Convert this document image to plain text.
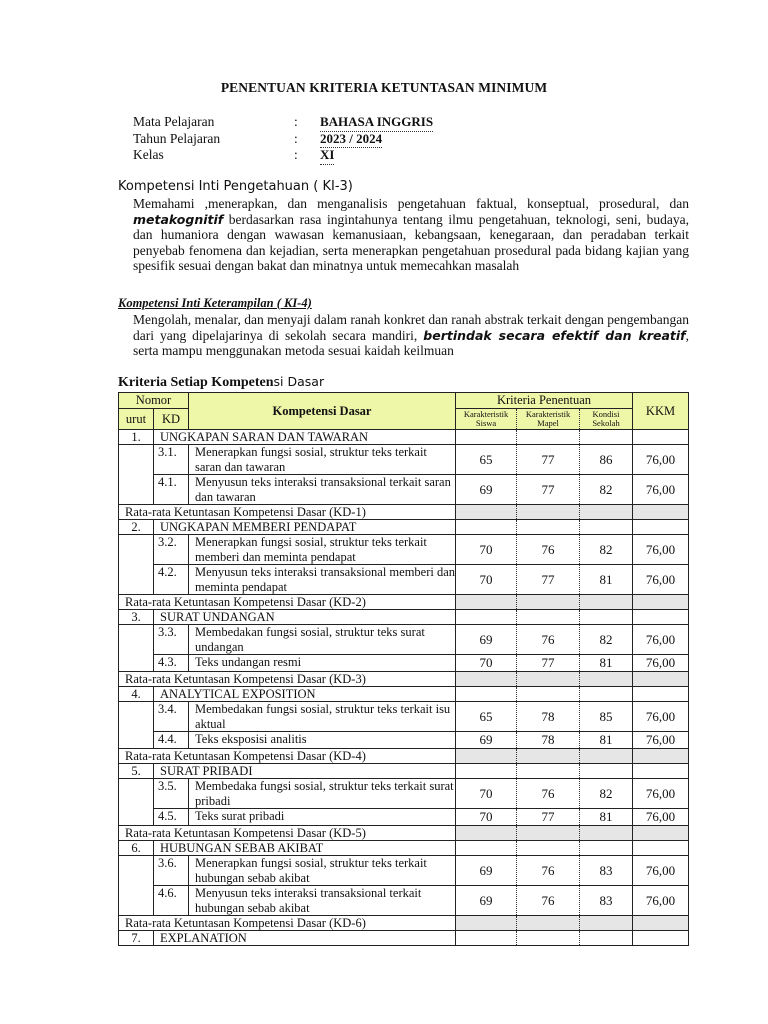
PENENTUAN KRITERIA KETUNTASAN MINIMUM
Mata Pelajaran	: BAHASA INGGRIS
Tahun Pelajaran	: 2023 / 2024
Kelas	: XI
Kompetensi Inti Pengetahuan ( KI-3)
Memahami ,menerapkan, dan menganalisis pengetahuan faktual, konseptual, prosedural, dan metakognitif berdasarkan rasa ingintahunya tentang ilmu pengetahuan, teknologi, seni, budaya, dan humaniora dengan wawasan kemanusiaan, kebangsaan, kenegaraan, dan peradaban terkait penyebab fenomena dan kejadian, serta menerapkan pengetahuan prosedural pada bidang kajian yang spesifik sesuai dengan bakat dan minatnya untuk memecahkan masalah
Kompetensi Inti Keterampilan ( KI-4)
Mengolah, menalar, dan menyaji dalam ranah konkret dan ranah abstrak terkait dengan pengembangan dari yang dipelajarinya di sekolah secara mandiri, bertindak secara efektif dan kreatif, serta mampu menggunakan metoda sesuai kaidah keilmuan
Kriteria Setiap Kompetensi Dasar
Nomor		Kompetensi Dasar	Kriteria Penentuan			KKM
urut	KD		Karakteristik Siswa	Karakteristik Mapel	Kondisi Sekolah	
1.	UNGKAPAN SARAN DAN TAWARAN					
	3.1.	Menerapkan fungsi sosial, struktur teks terkait saran dan tawaran	65	77	86	76,00
	4.1.	Menyusun teks interaksi transaksional terkait saran dan tawaran	69	77	82	76,00
Rata-rata Ketuntasan Kompetensi Dasar (KD-1)						
2.	UNGKAPAN MEMBERI PENDAPAT					
	3.2.	Menerapkan fungsi sosial, struktur teks terkait memberi dan meminta pendapat	70	76	82	76,00
	4.2.	Menyusun teks interaksi transaksional memberi dan meminta pendapat	70	77	81	76,00
Rata-rata Ketuntasan Kompetensi Dasar (KD-2)						
3.	SURAT UNDANGAN					
	3.3.	Membedakan fungsi sosial, struktur teks surat undangan	69	76	82	76,00
	4.3.	Teks undangan resmi	70	77	81	76,00
Rata-rata Ketuntasan Kompetensi Dasar (KD-3)						
4.	ANALYTICAL EXPOSITION					
	3.4.	Membedakan fungsi sosial, struktur teks terkait isu aktual	65	78	85	76,00
	4.4.	Teks eksposisi analitis	69	78	81	76,00
Rata-rata Ketuntasan Kompetensi Dasar (KD-4)						
5.	SURAT PRIBADI					
	3.5.	Membedaka fungsi sosial, struktur teks terkait surat pribadi	70	76	82	76,00
	4.5.	Teks surat pribadi	70	77	81	76,00
Rata-rata Ketuntasan Kompetensi Dasar (KD-5)						
6.	HUBUNGAN SEBAB AKIBAT					
	3.6.	Menerapkan fungsi sosial, struktur teks terkait hubungan sebab akibat	69	76	83	76,00
	4.6.	Menyusun teks interaksi transaksional terkait hubungan sebab akibat	69	76	83	76,00
Rata-rata Ketuntasan Kompetensi Dasar (KD-6)						
7.	EXPLANATION					
